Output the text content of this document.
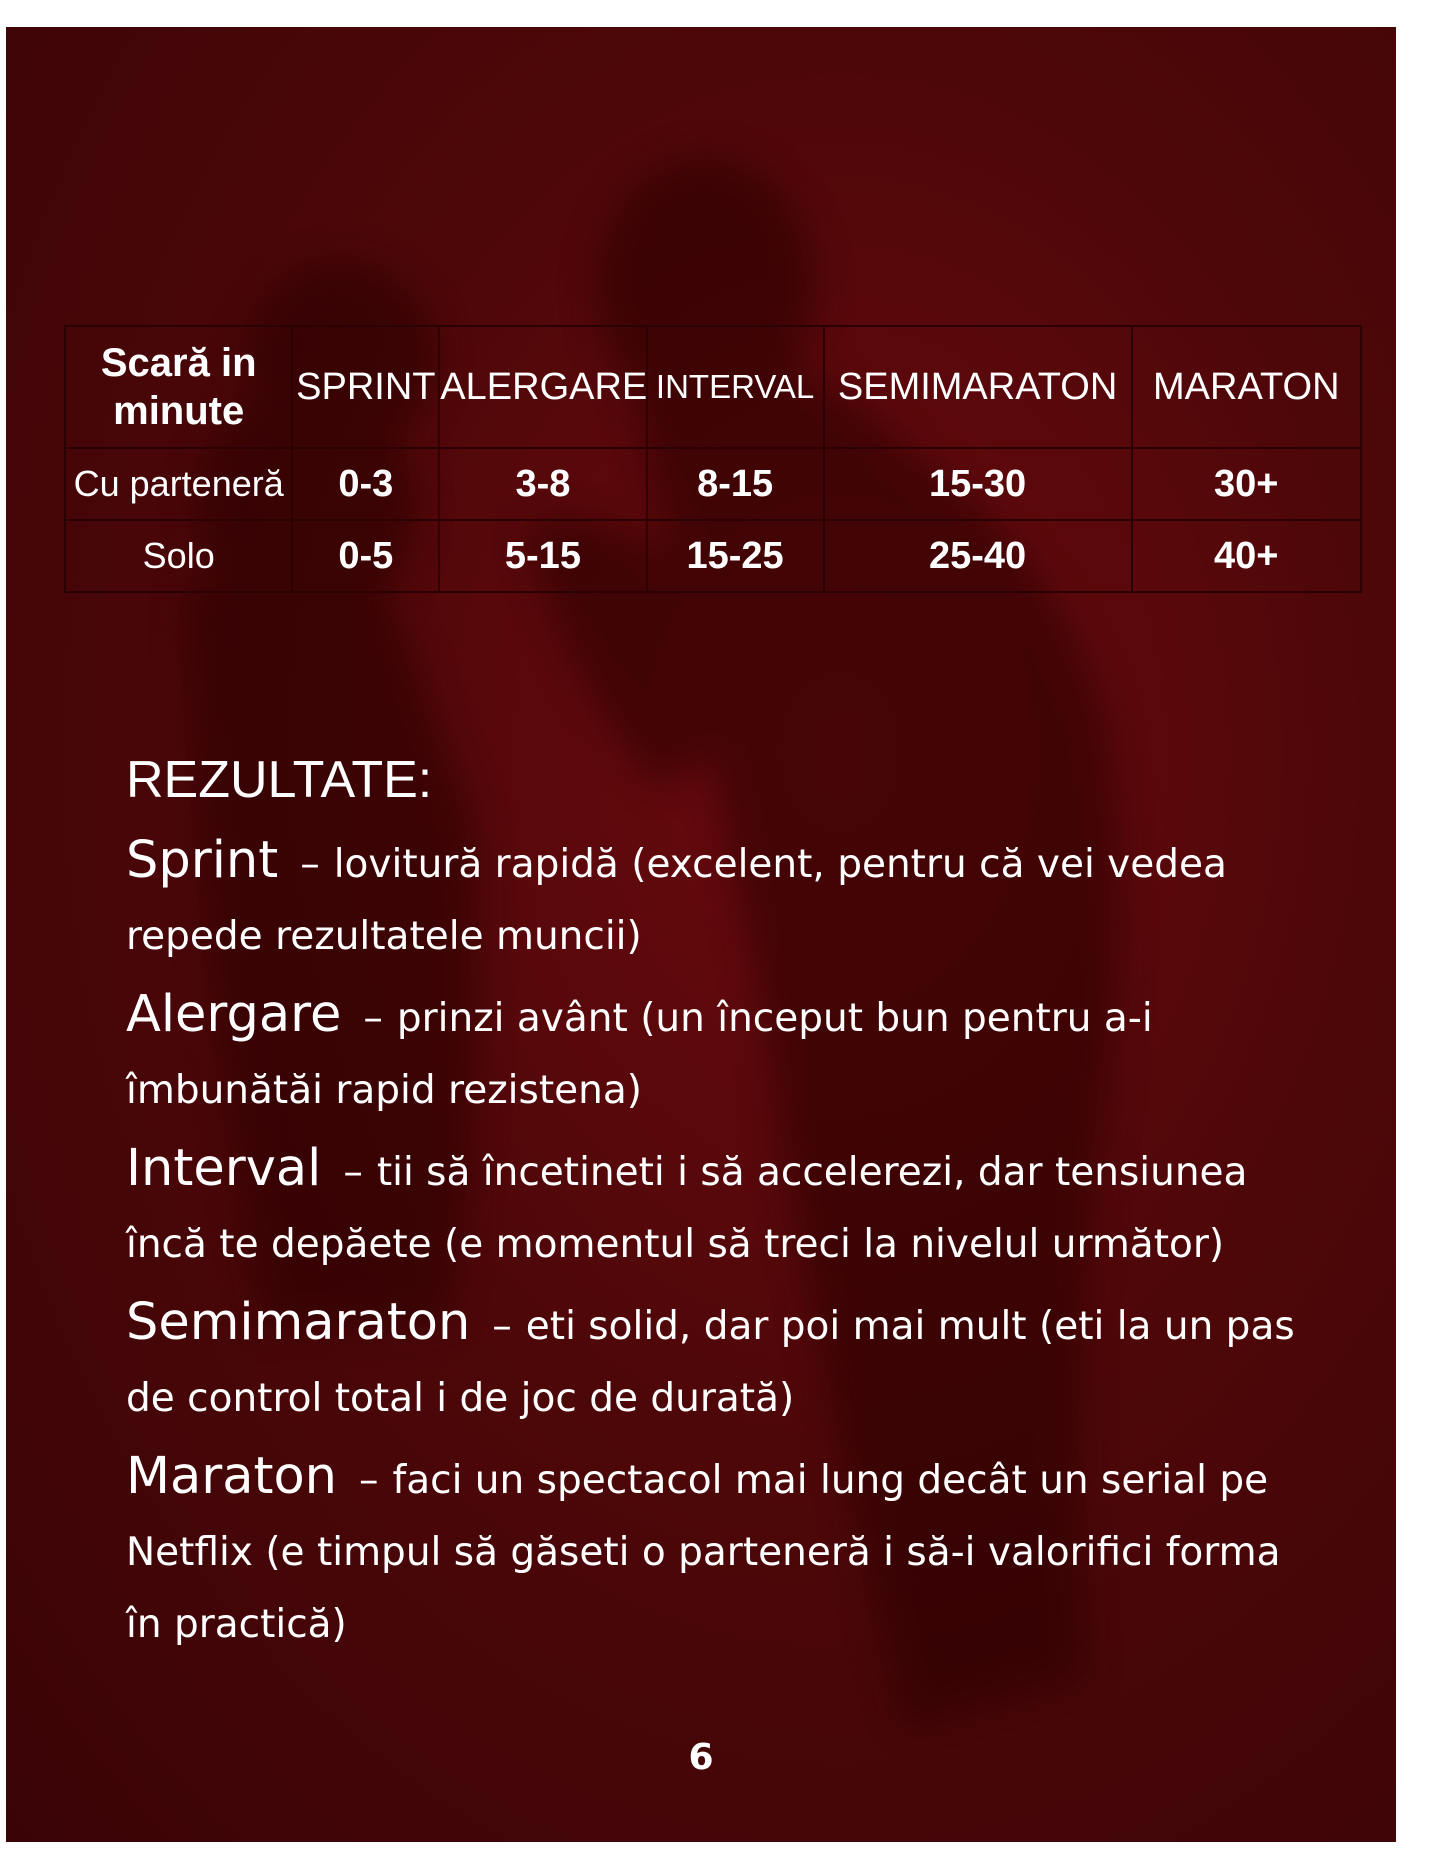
Scară in minute	SPRINT	ALERGARE	INTERVAL	SEMIMARATON	MARATON
Cu parteneră	0-3	3-8	8-15	15-30	30+
Solo	0-5	5-15	15-25	25-40	40+
REZULTATE:

Sprint – lovitură rapidă (excelent, pentru că vei vedea repede rezultatele muncii)

Alergare – prinzi avânt (un început bun pentru a-i îmbunătăi rapid rezistena)

Interval – tii să încetineti i să accelerezi, dar tensiunea încă te depăete (e momentul să treci la nivelul următor)

Semimaraton – eti solid, dar poi mai mult (eti la un pas de control total i de joc de durată)

Maraton – faci un spectacol mai lung decât un serial pe Netflix (e timpul să găseti o parteneră i să-i valorifici forma în practică)

6
